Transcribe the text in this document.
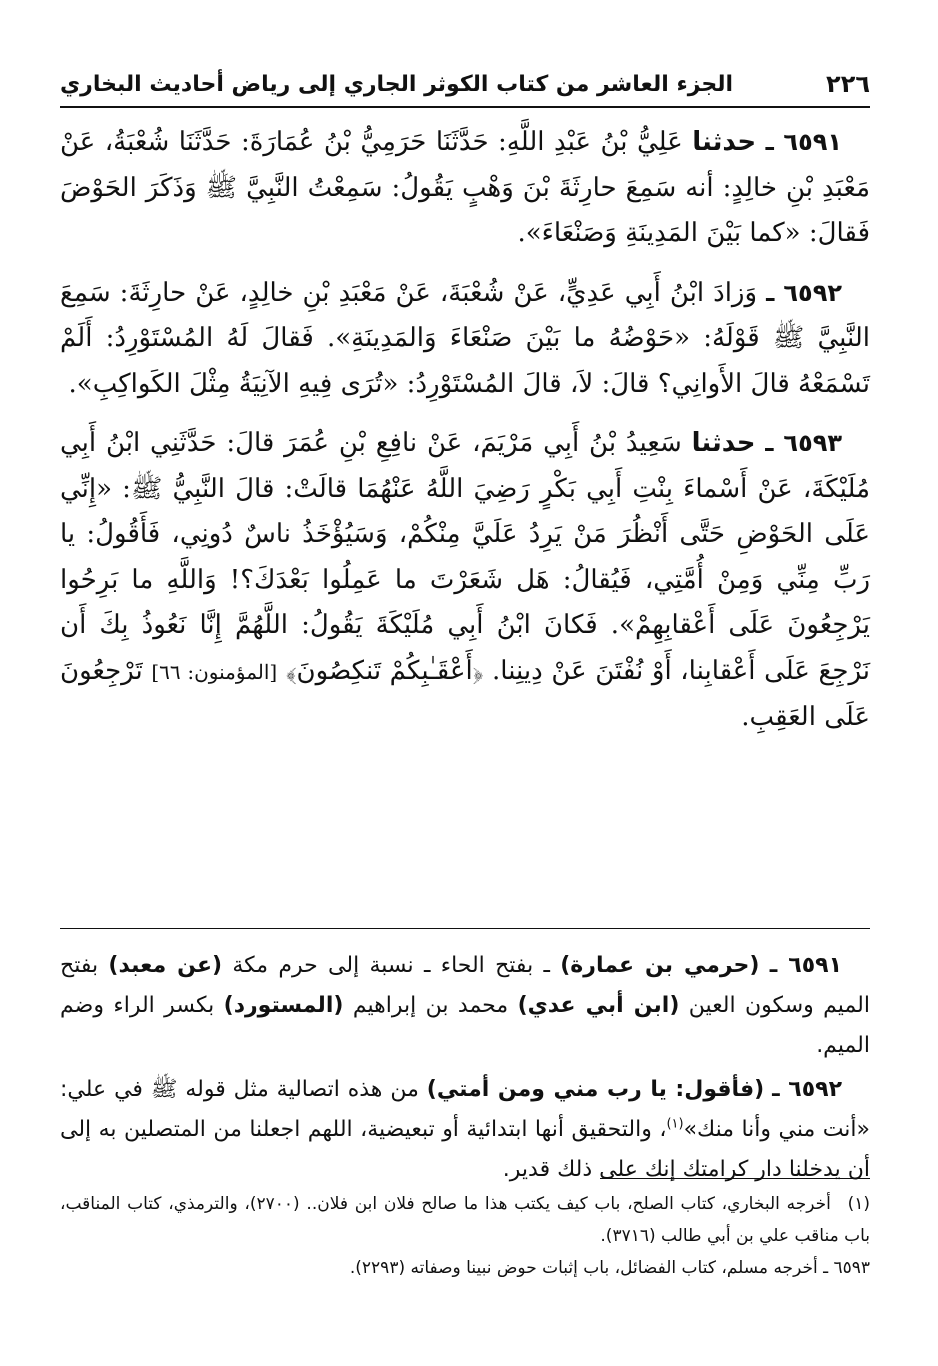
٢٢٦
الجزء العاشر من كتاب الكوثر الجاري إلى رياض أحاديث البخاري

٦٥٩١ ـ حدثنا عَلِيُّ بْنُ عَبْدِ اللَّهِ: حَدَّثَنَا حَرَمِيُّ بْنُ عُمَارَةَ: حَدَّثَنَا شُعْبَةُ، عَنْ مَعْبَدِ بْنِ خالِدٍ: أنه سَمِعَ حارِثَةَ بْنَ وَهْبٍ يَقُولُ: سَمِعْتُ النَّبِيَّ ﷺ وَذَكَرَ الحَوْضَ فَقالَ: «كما بَيْنَ المَدِينَةِ وَصَنْعَاءَ».

٦٥٩٢ ـ وَزادَ ابْنُ أَبِي عَدِيٍّ، عَنْ شُعْبَةَ، عَنْ مَعْبَدِ بْنِ خالِدٍ، عَنْ حارِثَةَ: سَمِعَ النَّبِيَّ ﷺ قَوْلَهُ: «حَوْضُهُ ما بَيْنَ صَنْعَاءَ وَالمَدِينَةِ». فَقالَ لَهُ المُسْتَوْرِدُ: أَلَمْ تَسْمَعْهُ قالَ الأَوانِي؟ قالَ: لاَ، قالَ المُسْتَوْرِدُ: «تُرَى فِيهِ الآنِيَةُ مِثْلَ الكَواكِبِ».

٦٥٩٣ ـ حدثنا سَعِيدُ بْنُ أَبِي مَرْيَمَ، عَنْ نافِعِ بْنِ عُمَرَ قالَ: حَدَّثَنِي ابْنُ أَبِي مُلَيْكَةَ، عَنْ أَسْماءَ بِنْتِ أَبِي بَكْرٍ رَضِيَ اللَّهُ عَنْهُمَا قالَتْ: قالَ النَّبِيُّ ﷺ: «إِنِّي عَلَى الحَوْضِ حَتَّى أَنْظُرَ مَنْ يَرِدُ عَلَيَّ مِنْكُمْ، وَسَيُؤْخَذُ ناسٌ دُونِي، فَأَقُولُ: يا رَبِّ مِنِّي وَمِنْ أُمَّتِي، فَيُقالُ: هَل شَعَرْتَ ما عَمِلُوا بَعْدَكَ؟! وَاللَّهِ ما بَرِحُوا يَرْجِعُونَ عَلَى أَعْقابِهِمْ». فَكانَ ابْنُ أَبِي مُلَيْكَةَ يَقُولُ: اللَّهُمَّ إِنَّا نَعُوذُ بِكَ أَن نَرْجِعَ عَلَى أَعْقابِنا، أَوْ نُفْتَنَ عَنْ دِينِنا. ﴿أَعْقَـٰبِكُمْ تَنكِصُونَ﴾ [المؤمنون: ٦٦] تَرْجِعُونَ عَلَى العَقِبِ.

٦٥٩١ ـ (حرمي بن عمارة) ـ بفتح الحاء ـ نسبة إلى حرم مكة (عن معبد) بفتح الميم وسكون العين (ابن أبي عدي) محمد بن إبراهيم (المستورد) بكسر الراء وضم الميم.

٦٥٩٢ ـ (فأقول: يا رب مني ومن أمتي) من هذه اتصالية مثل قوله ﷺ في علي: «أنت مني وأنا منك»$^{(١)}$، والتحقيق أنها ابتدائية أو تبعيضية، اللهم اجعلنا من المتصلين به إلى أن يدخلنا دار كرامتك إنك على ذلك قدير.

(١) أخرجه البخاري، كتاب الصلح، باب كيف يكتب هذا ما صالح فلان ابن فلان.. (٢٧٠٠)، والترمذي، كتاب المناقب، باب مناقب علي بن أبي طالب (٣٧١٦).

٦٥٩٣ ـ أخرجه مسلم، كتاب الفضائل، باب إثبات حوض نبينا وصفاته (٢٢٩٣).
